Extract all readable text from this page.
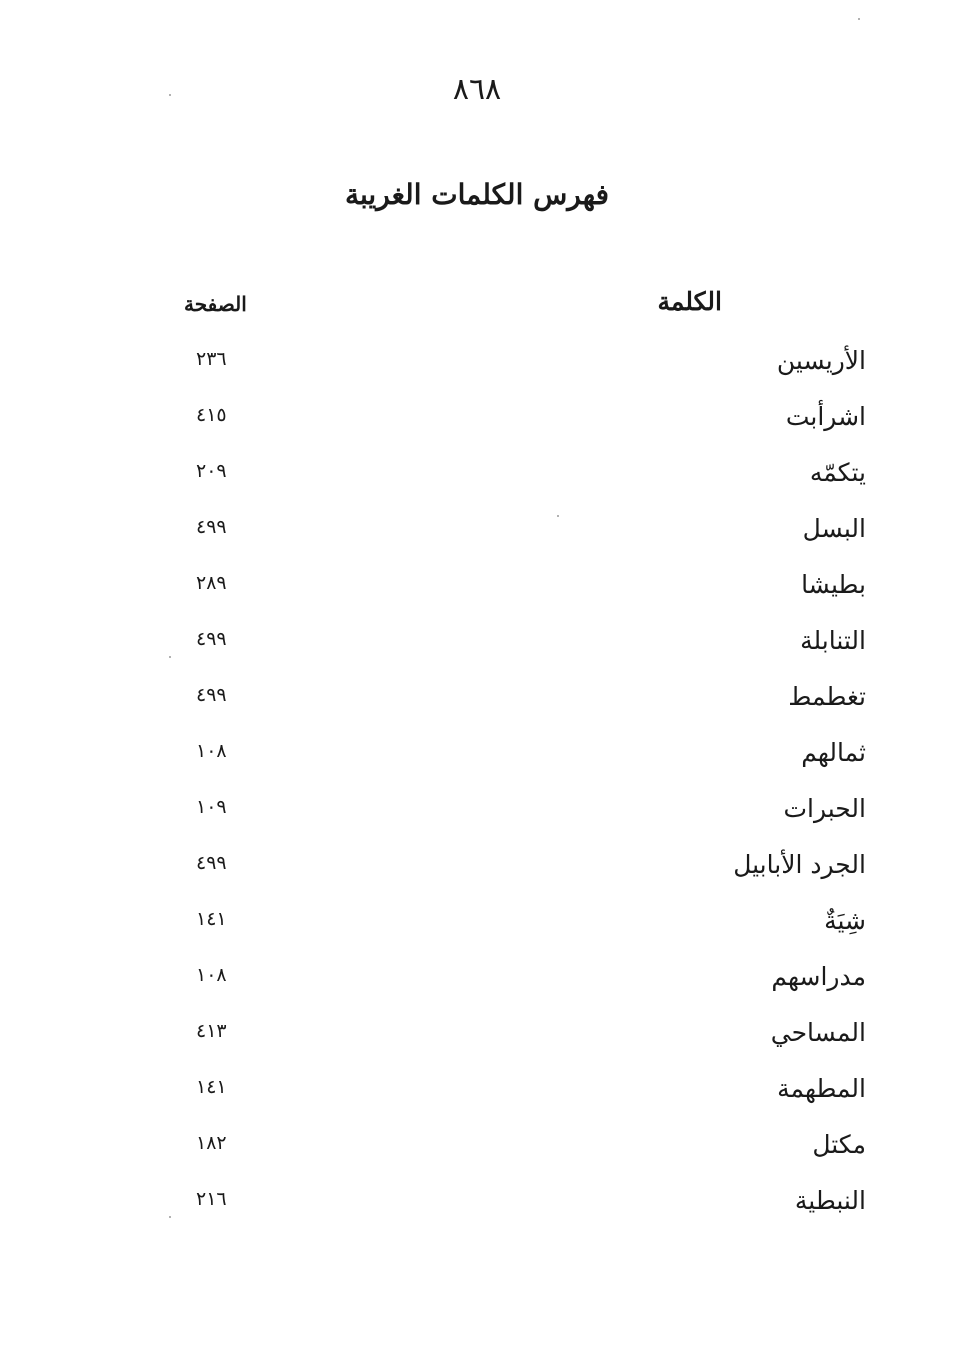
٨٦٨
فهرس الكلمات الغريبة
الكلمة
الصفحة
الأريسين
٢٣٦
اشرأبت
٤١٥
يتكمّه
٢٠٩
البسل
٤٩٩
بطيشا
٢٨٩
التنابلة
٤٩٩
تغطمط
٤٩٩
ثمالهم
١٠٨
الحبرات
١٠٩
الجرد الأبابيل
٤٩٩
شِيَةٌ
١٤١
مدراسهم
١٠٨
المساحي
٤١٣
المطهمة
١٤١
مكتل
١٨٢
النبطية
٢١٦
